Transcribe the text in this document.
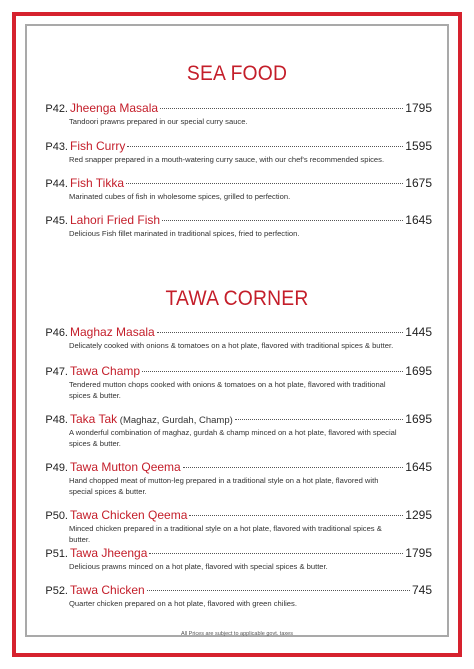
SEA FOOD
P42. Jheenga Masala	1795
Tandoori prawns prepared in our special curry sauce.
P43. Fish Curry	1595
Red snapper prepared in a mouth-watering curry sauce, with our chef's recommended spices.
P44. Fish Tikka	1675
Marinated cubes of fish in wholesome spices, grilled to perfection.
P45. Lahori Fried Fish	1645
Delicious Fish fillet marinated in traditional spices, fried to perfection.
TAWA CORNER
P46. Maghaz Masala	1445
Delicately cooked with onions & tomatoes on a hot plate, flavored with traditional spices & butter.
P47. Tawa Champ	1695
Tendered mutton chops cooked with onions & tomatoes on a hot plate, flavored with traditional spices & butter.
P48. Taka Tak (Maghaz, Gurdah, Champ)	1695
A wonderful combination of maghaz, gurdah & champ minced on a hot plate, flavored with special spices & butter.
P49. Tawa Mutton Qeema	1645
Hand chopped meat of mutton-leg prepared in a traditional style on a hot plate, flavored with special spices & butter.
P50. Tawa Chicken Qeema	1295
Minced chicken prepared in a traditional style on a hot plate, flavored with traditional spices & butter.
P51. Tawa Jheenga	1795
Delicious prawns minced on a hot plate, flavored with special spices & butter.
P52. Tawa Chicken	745
Quarter chicken prepared on a hot plate, flavored with green chilies.
All Prices are subject to applicable govt. taxes
